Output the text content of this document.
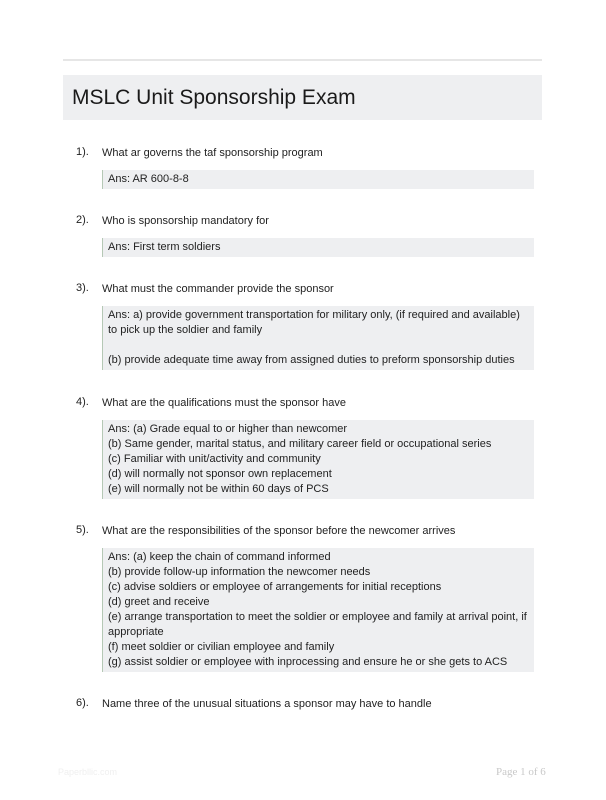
MSLC Unit Sponsorship Exam
1). What ar governs the taf sponsorship program
Ans: AR 600-8-8
2). Who is sponsorship mandatory for
Ans: First term soldiers
3). What must the commander provide the sponsor
Ans: a) provide government transportation for military only, (if required and available) to pick up the soldier and family
(b) provide adequate time away from assigned duties to preform sponsorship duties
4). What are the qualifications must the sponsor have
Ans: (a) Grade equal to or higher than newcomer
(b) Same gender, marital status, and military career field or occupational series
(c) Familiar with unit/activity and community
(d) will normally not sponsor own replacement
(e) will normally not be within 60 days of PCS
5). What are the responsibilities of the sponsor before the newcomer arrives
Ans: (a) keep the chain of command informed
(b) provide follow-up information the newcomer needs
(c) advise soldiers or employee of arrangements for initial receptions
(d) greet and receive
(e) arrange transportation to meet the soldier or employee and family at arrival point, if appropriate
(f) meet soldier or civilian employee and family
(g) assist soldier or employee with inprocessing and ensure he or she gets to ACS
6). Name three of the unusual situations a sponsor may have to handle
Paperbllic.com	Page 1 of 6
